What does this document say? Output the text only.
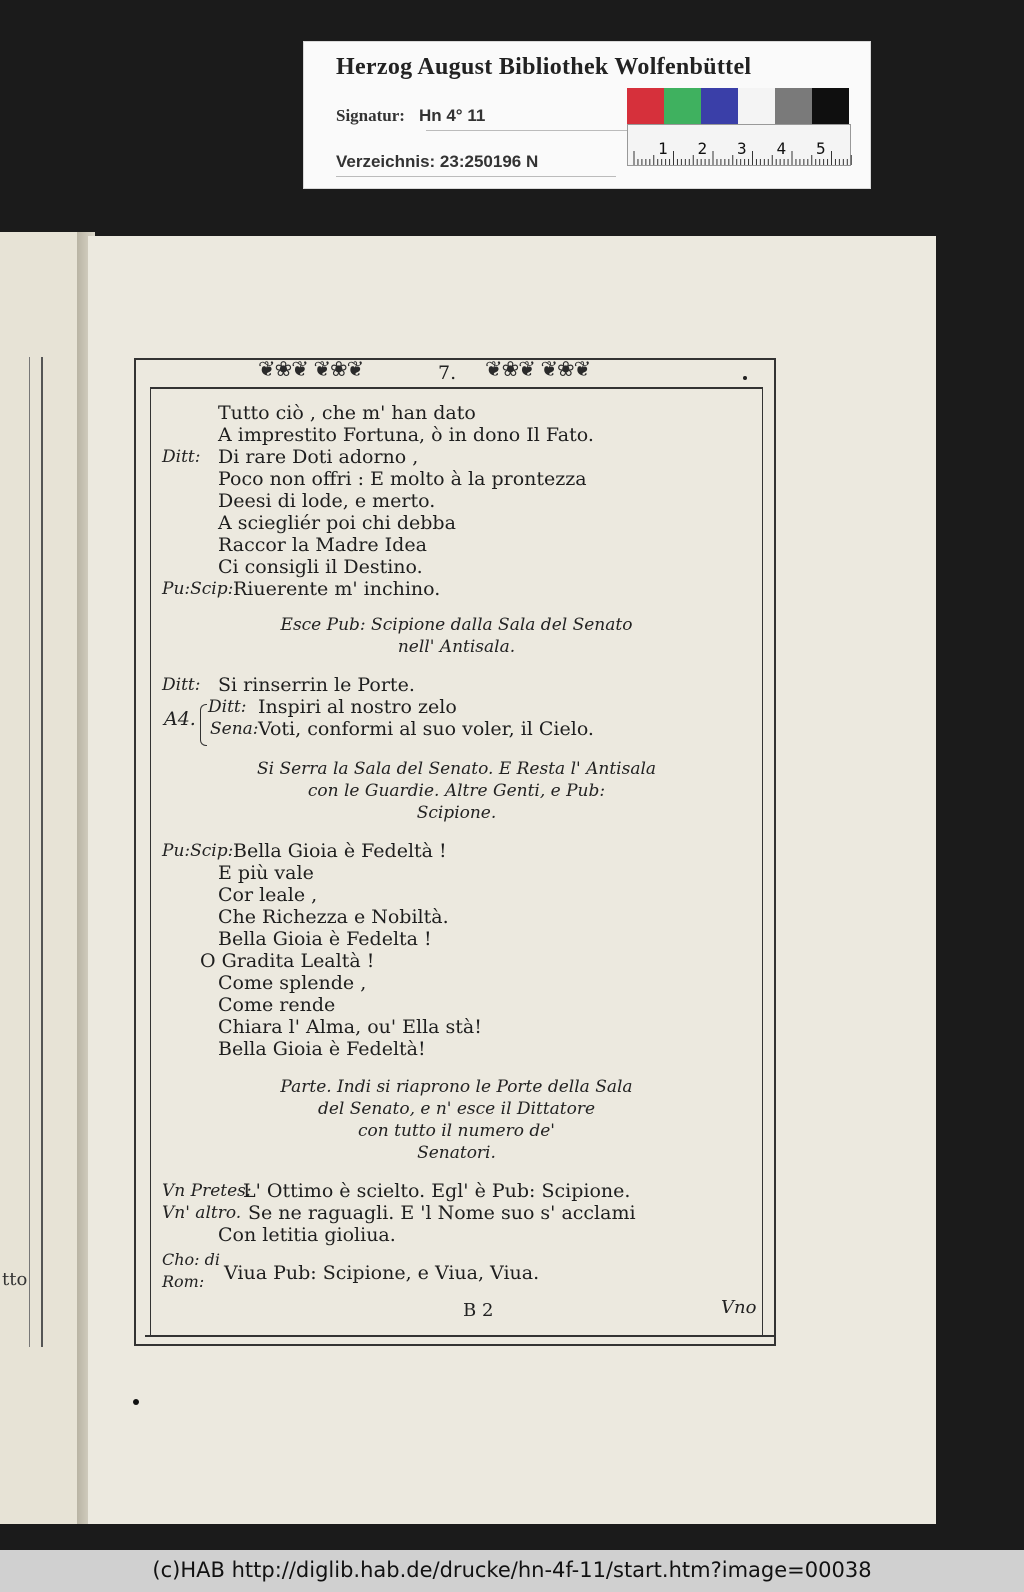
Herzog August Bibliothek Wolfenbüttel
Signatur: Hn 4° 11
Verzeichnis: 23:250196 N
1 2 3 4 5
tto
❦❀❦ ❦❀❦	❦❀❦ ❦❀❦
7.
Tutto ciò , che m' han dato
A imprestito Fortuna, ò in dono Il Fato.
Ditt: Di rare Doti adorno ,
Poco non offri : E molto à la prontezza
Deesi di lode, e merto.
A sciegliér poi chi debba
Raccor la Madre Idea
Ci consigli il Destino.
Pu:Scip: Riuerente m' inchino.
Esce Pub: Scipione dalla Sala del Senato
nell' Antisala.
Ditt: Si rinserrin le Porte.
A4.
Ditt: Inspiri al nostro zelo
Sena: Voti, conformi al suo voler, il Cielo.
Si Serra la Sala del Senato. E Resta l' Antisala
con le Guardie. Altre Genti, e Pub:
Scipione.
Pu:Scip: Bella Gioia è Fedeltà !
E più vale
Cor leale ,
Che Richezza e Nobiltà.
Bella Gioia è Fedelta !
O Gradita Lealtà !
Come splende ,
Come rende
Chiara l' Alma, ou' Ella stà!
Bella Gioia è Fedeltà!
Parte. Indi si riaprono le Porte della Sala
del Senato, e n' esce il Dittatore
con tutto il numero de'
Senatori.
Vn Pretes:
L' Ottimo è scielto. Egl' è Pub: Scipione.
Vn' altro. Se ne raguagli. E 'l Nome suo s' acclami
Con letitia gioliua.
Cho: di
Rom: Viua Pub: Scipione, e Viua, Viua.
B 2	Vno
(c)HAB http://diglib.hab.de/drucke/hn-4f-11/start.htm?image=00038
